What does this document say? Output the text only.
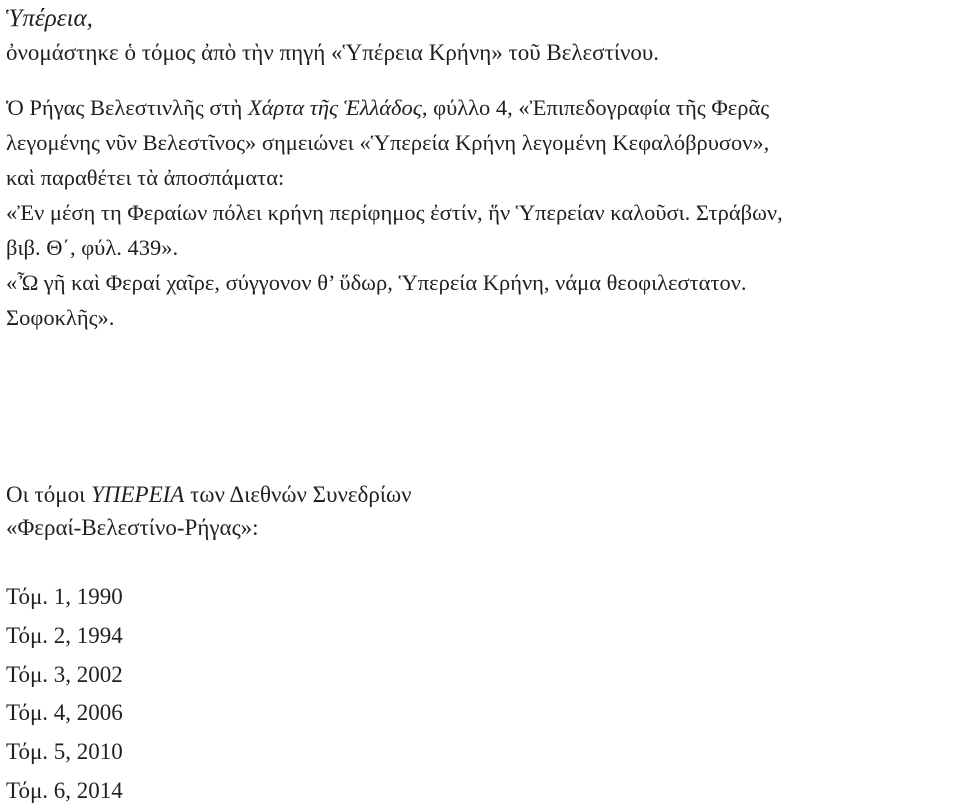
Ὑπέρεια,
ὀνομάστηκε ὁ τόμος ἀπὸ τὴν πηγή «Ὑπέρεια Κρήνη» τοῦ Βελεστίνου.
Ὁ Ρήγας Βελεστινλῆς στὴ Χάρτα τῆς Ἑλλάδος, φύλλο 4, «Ἐπιπεδογραφία τῆς Φερᾶς
λεγομένης νῦν Βελεστῖνος» σημειώνει «Ὑπερεία Κρήνη λεγομένη Κεφαλόβρυσον»,
καὶ παραθέτει τὰ ἀποσπάματα:
«Ἐν μέση τη Φεραίων πόλει κρήνη περίφημος ἐστίν, ἥν Ὑπερείαν καλοῦσι. Στράβων,
βιβ. Θ΄, φύλ. 439».
«Ὦ γῆ καὶ Φεραί χαῖρε, σύγγονον θ’ ὕδωρ, Ὑπερεία Κρήνη, νάμα θεοφιλεστατον.
Σοφοκλῆς».
Οι τόμοι ΥΠΕΡΕΙΑ των Διεθνών Συνεδρίων
«Φεραί-Βελεστίνο-Ρήγας»:
Τόμ. 1, 1990
Τόμ. 2, 1994
Τόμ. 3, 2002
Τόμ. 4, 2006
Τόμ. 5, 2010
Τόμ. 6, 2014
